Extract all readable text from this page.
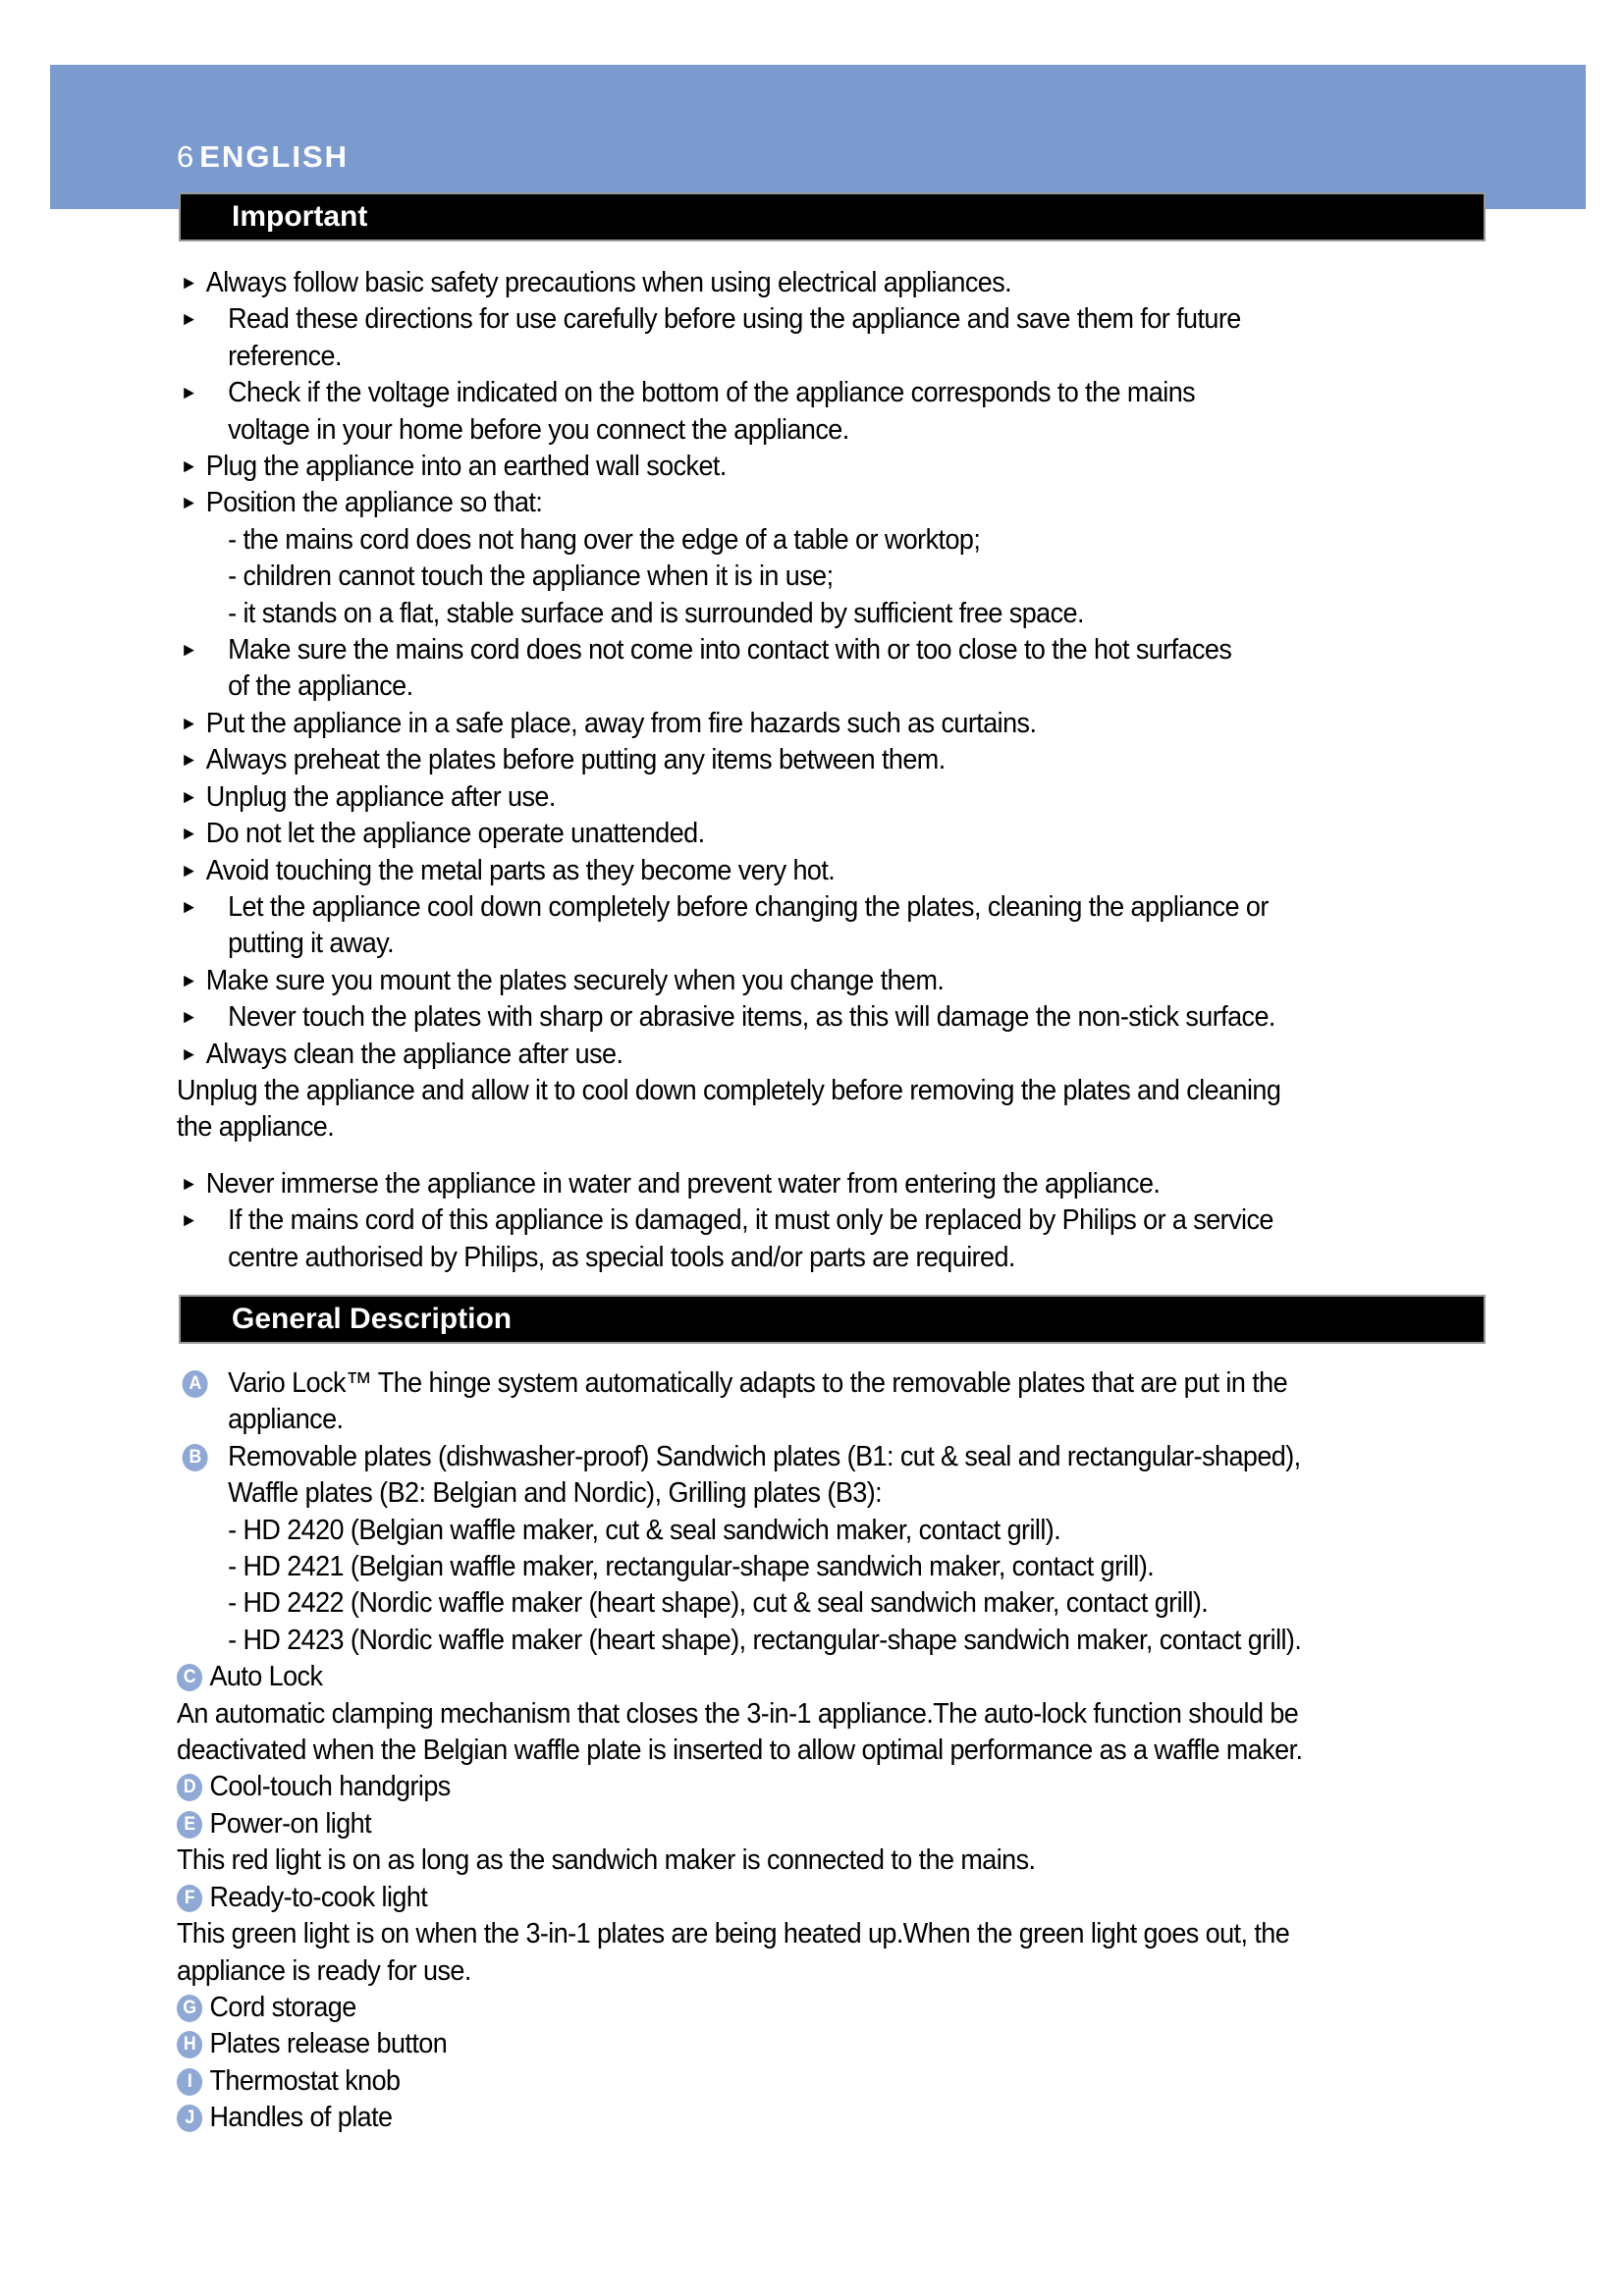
6 ENGLISH
Important
► Always follow basic safety precautions when using electrical appliances.
► Read these directions for use carefully before using the appliance and save them for future
reference.
► Check if the voltage indicated on the bottom of the appliance corresponds to the mains
voltage in your home before you connect the appliance.
► Plug the appliance into an earthed wall socket.
► Position the appliance so that:
- the mains cord does not hang over the edge of a table or worktop;
- children cannot touch the appliance when it is in use;
- it stands on a flat, stable surface and is surrounded by sufficient free space.
► Make sure the mains cord does not come into contact with or too close to the hot surfaces
of the appliance.
► Put the appliance in a safe place, away from fire hazards such as curtains.
► Always preheat the plates before putting any items between them.
► Unplug the appliance after use.
► Do not let the appliance operate unattended.
► Avoid touching the metal parts as they become very hot.
► Let the appliance cool down completely before changing the plates, cleaning the appliance or
putting it away.
► Make sure you mount the plates securely when you change them.
► Never touch the plates with sharp or abrasive items, as this will damage the non-stick surface.
► Always clean the appliance after use.
Unplug the appliance and allow it to cool down completely before removing the plates and cleaning
the appliance.
► Never immerse the appliance in water and prevent water from entering the appliance.
► If the mains cord of this appliance is damaged, it must only be replaced by Philips or a service
centre authorised by Philips, as special tools and/or parts are required.
General Description
A Vario Lock™ The hinge system automatically adapts to the removable plates that are put in the
appliance.
B Removable plates (dishwasher-proof) Sandwich plates (B1: cut & seal and rectangular-shaped),
Waffle plates (B2: Belgian and Nordic), Grilling plates (B3):
- HD 2420 (Belgian waffle maker, cut & seal sandwich maker, contact grill).
- HD 2421 (Belgian waffle maker, rectangular-shape sandwich maker, contact grill).
- HD 2422 (Nordic waffle maker (heart shape), cut & seal sandwich maker, contact grill).
- HD 2423 (Nordic waffle maker (heart shape), rectangular-shape sandwich maker, contact grill).
C Auto Lock
An automatic clamping mechanism that closes the 3-in-1 appliance.The auto-lock function should be
deactivated when the Belgian waffle plate is inserted to allow optimal performance as a waffle maker.
D Cool-touch handgrips
E Power-on light
This red light is on as long as the sandwich maker is connected to the mains.
F Ready-to-cook light
This green light is on when the 3-in-1 plates are being heated up.When the green light goes out, the
appliance is ready for use.
G Cord storage
H Plates release button
I Thermostat knob
J Handles of plate
